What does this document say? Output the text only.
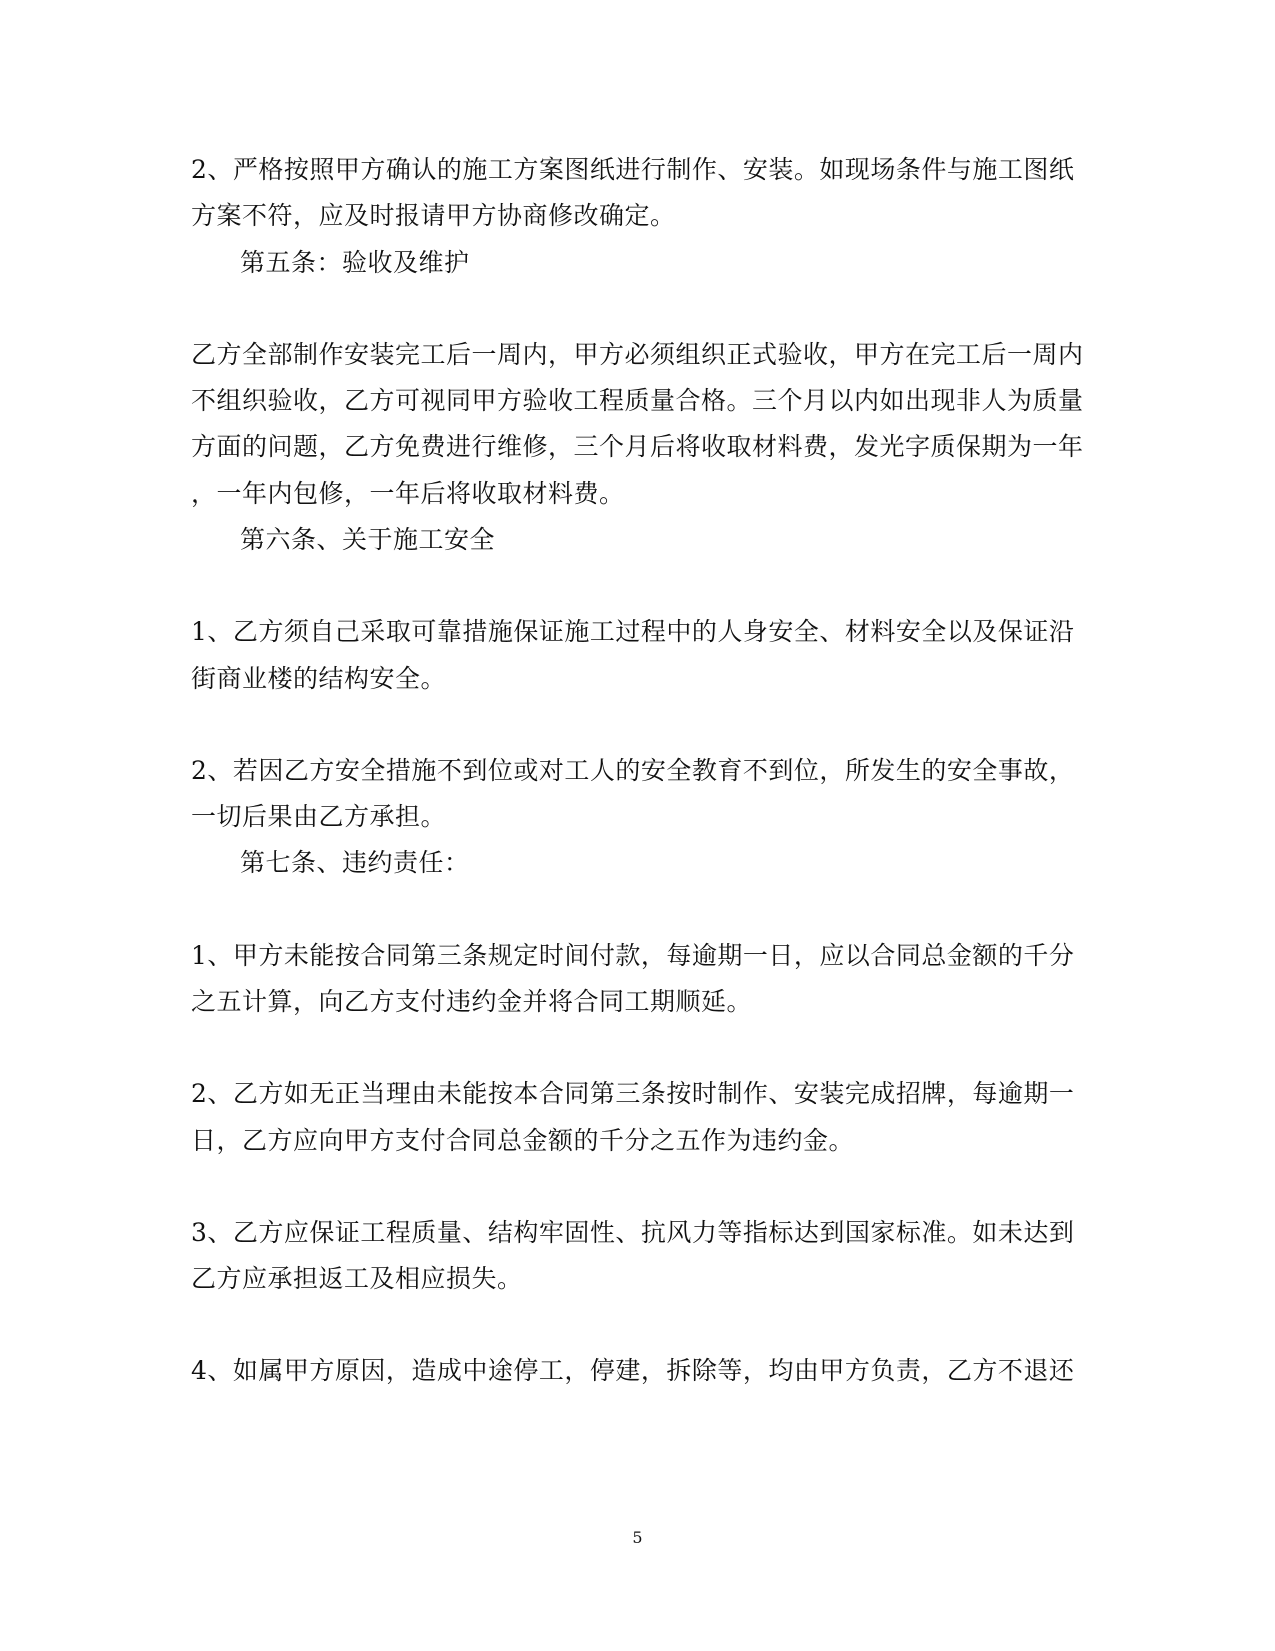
2、严格按照甲方确认的施工方案图纸进行制作、安装。如现场条件与施工图纸
方案不符，应及时报请甲方协商修改确定。
第五条：验收及维护
乙方全部制作安装完工后一周内，甲方必须组织正式验收，甲方在完工后一周内
不组织验收，乙方可视同甲方验收工程质量合格。三个月以内如出现非人为质量
方面的问题，乙方免费进行维修，三个月后将收取材料费，发光字质保期为一年
，一年内包修，一年后将收取材料费。
第六条、关于施工安全
1、乙方须自己采取可靠措施保证施工过程中的人身安全、材料安全以及保证沿
街商业楼的结构安全。
2、若因乙方安全措施不到位或对工人的安全教育不到位，所发生的安全事故，
一切后果由乙方承担。
第七条、违约责任：
1、甲方未能按合同第三条规定时间付款，每逾期一日，应以合同总金额的千分
之五计算，向乙方支付违约金并将合同工期顺延。
2、乙方如无正当理由未能按本合同第三条按时制作、安装完成招牌，每逾期一
日，乙方应向甲方支付合同总金额的千分之五作为违约金。
3、乙方应保证工程质量、结构牢固性、抗风力等指标达到国家标准。如未达到
乙方应承担返工及相应损失。
4、如属甲方原因，造成中途停工，停建，拆除等，均由甲方负责，乙方不退还
5
